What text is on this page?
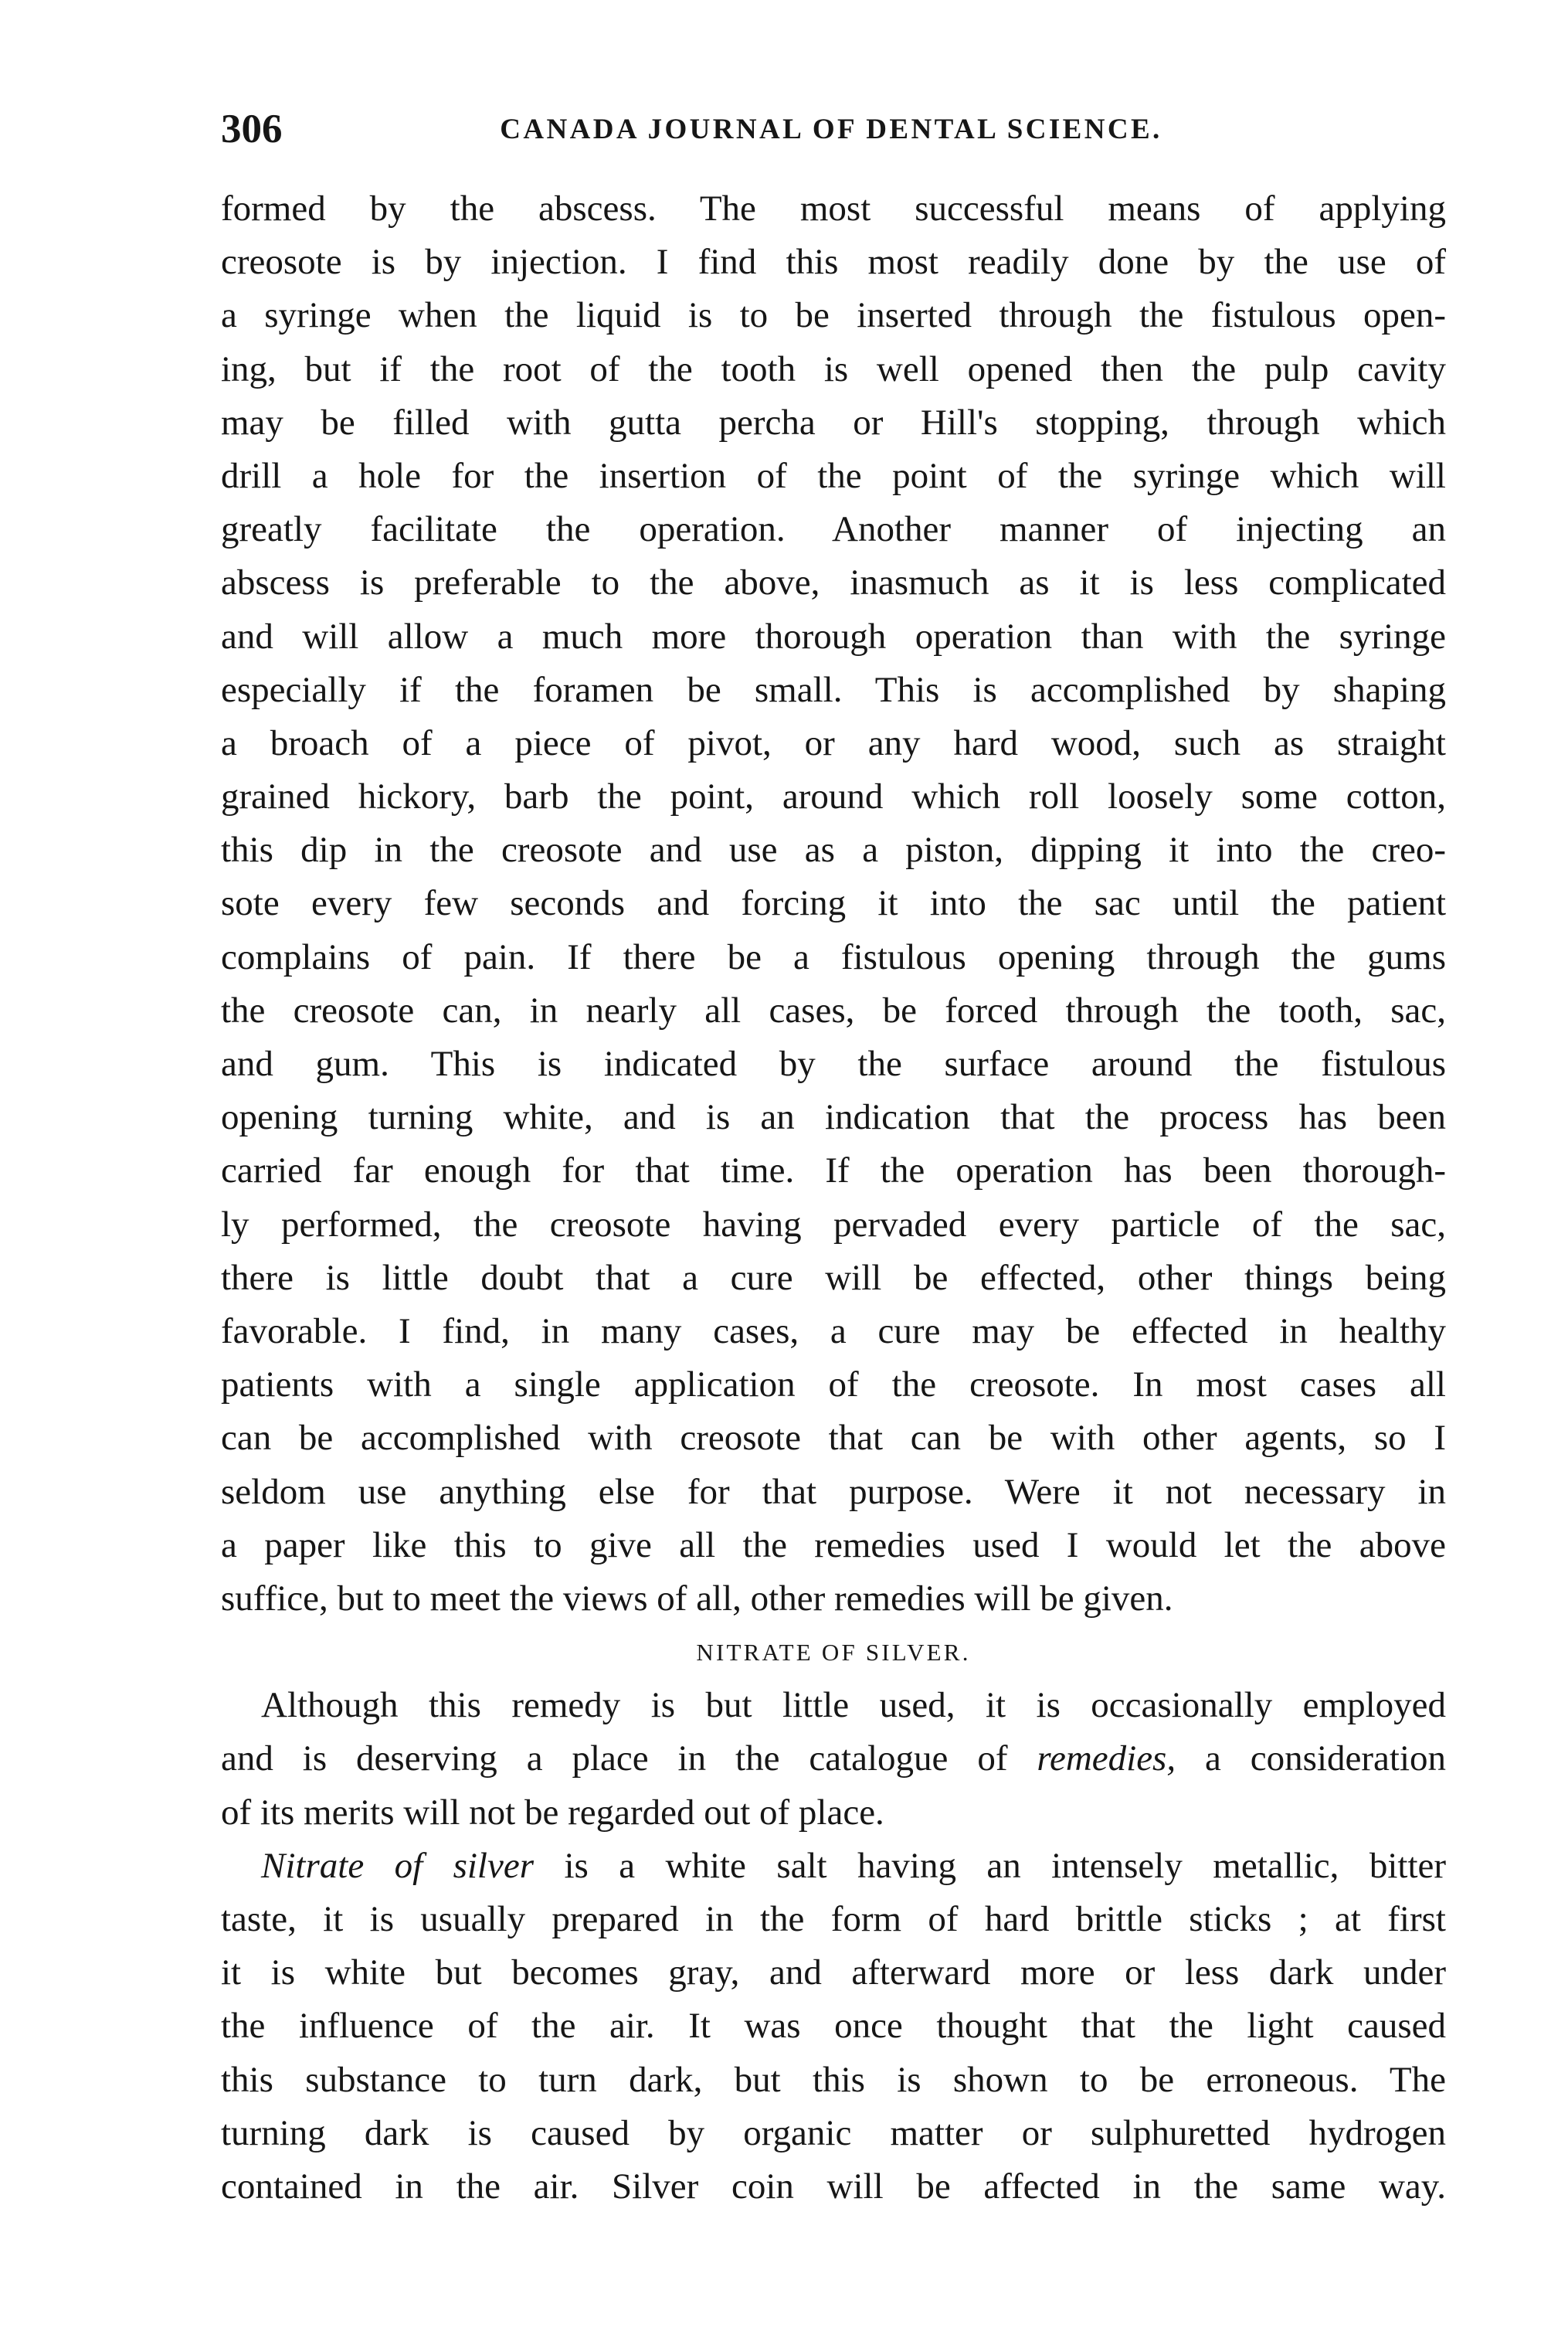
306	CANADA JOURNAL OF DENTAL SCIENCE.
formed by the abscess. The most successful means of applying
creosote is by injection. I find this most readily done by the use of
a syringe when the liquid is to be inserted through the fistulous open-
ing, but if the root of the tooth is well opened then the pulp cavity
may be filled with gutta percha or Hill's stopping, through which
drill a hole for the insertion of the point of the syringe which will
greatly facilitate the operation. Another manner of injecting an
abscess is preferable to the above, inasmuch as it is less complicated
and will allow a much more thorough operation than with the syringe
especially if the foramen be small. This is accomplished by shaping
a broach of a piece of pivot, or any hard wood, such as straight
grained hickory, barb the point, around which roll loosely some cotton,
this dip in the creosote and use as a piston, dipping it into the creo-
sote every few seconds and forcing it into the sac until the patient
complains of pain. If there be a fistulous opening through the gums
the creosote can, in nearly all cases, be forced through the tooth, sac,
and gum. This is indicated by the surface around the fistulous
opening turning white, and is an indication that the process has been
carried far enough for that time. If the operation has been thorough-
ly performed, the creosote having pervaded every particle of the sac,
there is little doubt that a cure will be effected, other things being
favorable. I find, in many cases, a cure may be effected in healthy
patients with a single application of the creosote. In most cases all
can be accomplished with creosote that can be with other agents, so I
seldom use anything else for that purpose. Were it not necessary in
a paper like this to give all the remedies used I would let the above
suffice, but to meet the views of all, other remedies will be given.
NITRATE OF SILVER.
Although this remedy is but little used, it is occasionally employed
and is deserving a place in the catalogue of remedies, a consideration
of its merits will not be regarded out of place.
Nitrate of silver is a white salt having an intensely metallic, bitter
taste, it is usually prepared in the form of hard brittle sticks ; at first
it is white but becomes gray, and afterward more or less dark under
the influence of the air. It was once thought that the light caused
this substance to turn dark, but this is shown to be erroneous. The
turning dark is caused by organic matter or sulphuretted hydrogen
contained in the air. Silver coin will be affected in the same way.
